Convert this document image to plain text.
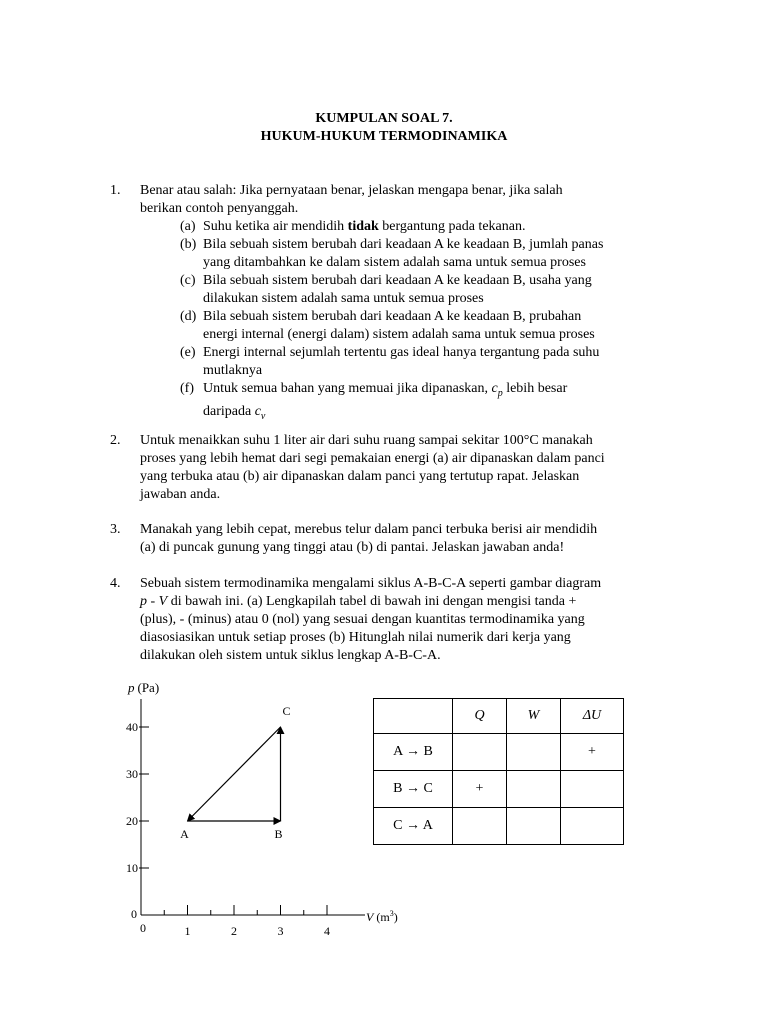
KUMPULAN SOAL 7.
HUKUM-HUKUM TERMODINAMIKA
1. Benar atau salah: Jika pernyataan benar, jelaskan mengapa benar, jika salah
berikan contoh penyanggah.
(a) Suhu ketika air mendidih tidak bergantung pada tekanan.
(b) Bila sebuah sistem berubah dari keadaan A ke keadaan B, jumlah panas
yang ditambahkan ke dalam sistem adalah sama untuk semua proses
(c) Bila sebuah sistem berubah dari keadaan A ke keadaan B, usaha yang
dilakukan sistem adalah sama untuk semua proses
(d) Bila sebuah sistem berubah dari keadaan A ke keadaan B, prubahan
energi internal (energi dalam) sistem adalah sama untuk semua proses
(e) Energi internal sejumlah tertentu gas ideal hanya tergantung pada suhu
mutlaknya
(f) Untuk semua bahan yang memuai jika dipanaskan, $c_p$ lebih besar
daripada $c_v$
2. Untuk menaikkan suhu 1 liter air dari suhu ruang sampai sekitar 100°C manakah
proses yang lebih hemat dari segi pemakaian energi (a) air dipanaskan dalam panci
yang terbuka atau (b) air dipanaskan dalam panci yang tertutup rapat. Jelaskan
jawaban anda.
3. Manakah yang lebih cepat, merebus telur dalam panci terbuka berisi air mendidih
(a) di puncak gunung yang tinggi atau (b) di pantai. Jelaskan jawaban anda!
4. Sebuah sistem termodinamika mengalami siklus A-B-C-A seperti gambar diagram
p - V di bawah ini. (a) Lengkapilah tabel di bawah ini dengan mengisi tanda +
(plus), - (minus) atau 0 (nol) yang sesuai dengan kuantitas termodinamika yang
diasosiasikan untuk setiap proses (b) Hitunglah nilai numerik dari kerja yang
dilakukan oleh sistem untuk siklus lengkap A-B-C-A.
1	2	3	4
10
20
30
40
0
0
A	B
C
p (Pa)
V $(m^3)$
	Q	W	ΔU
A → B			+
B → C	+		
C → A			
